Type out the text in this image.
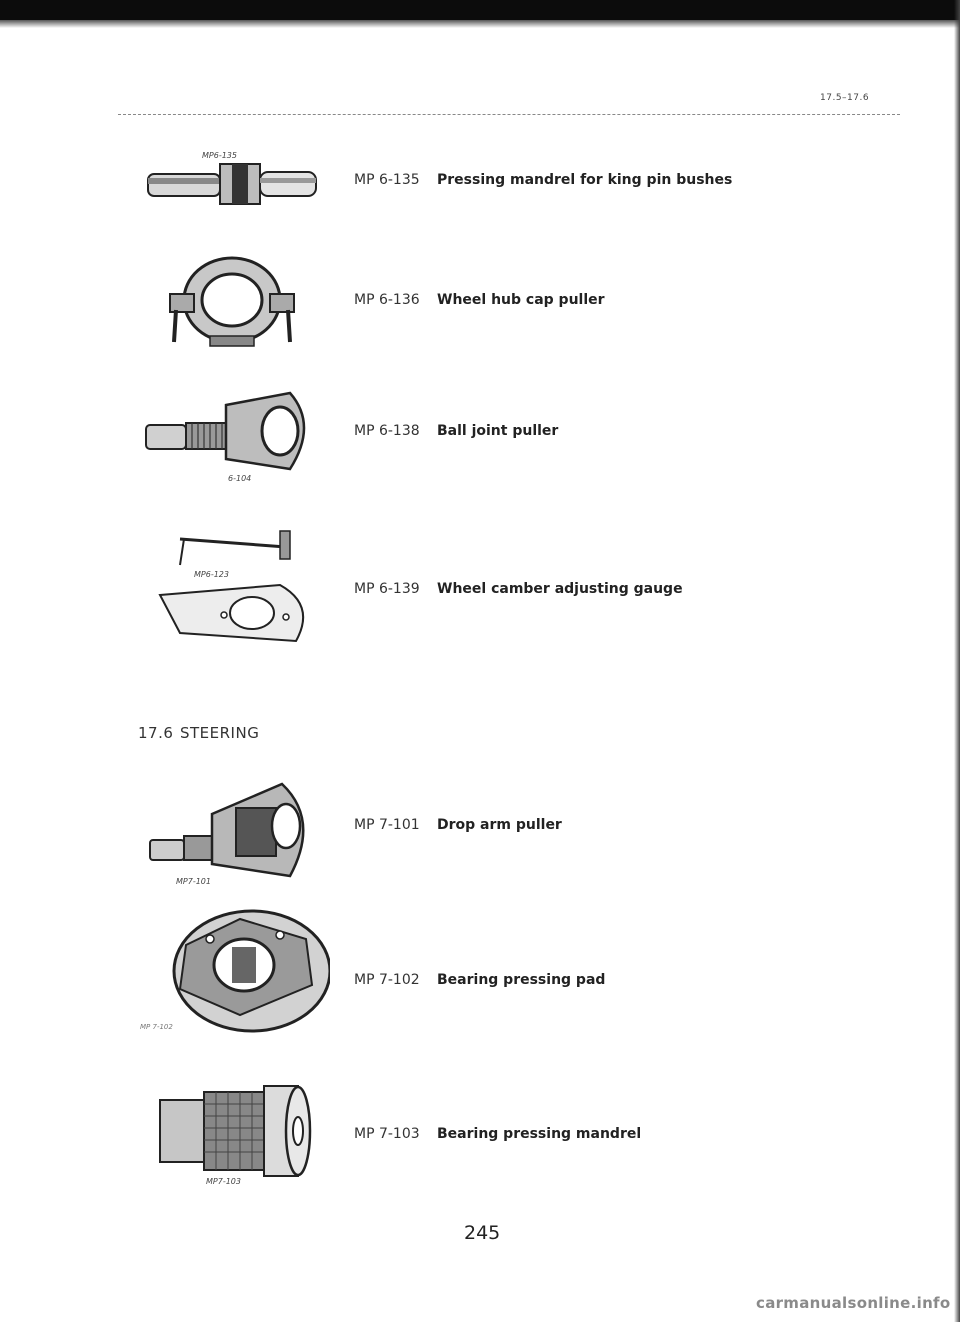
17.5–17.6
MP6-135
MP 6-135 Pressing mandrel for king pin bushes
MP 6-136 Wheel hub cap puller
6-104
MP 6-138 Ball joint puller
MP6-123
MP 6-139 Wheel camber adjusting gauge
17.6 STEERING
MP7-101
MP 7-101 Drop arm puller
MP 7-102
MP 7-102 Bearing pressing pad
MP7-103
MP 7-103 Bearing pressing mandrel
245
carmanualsonline.info
